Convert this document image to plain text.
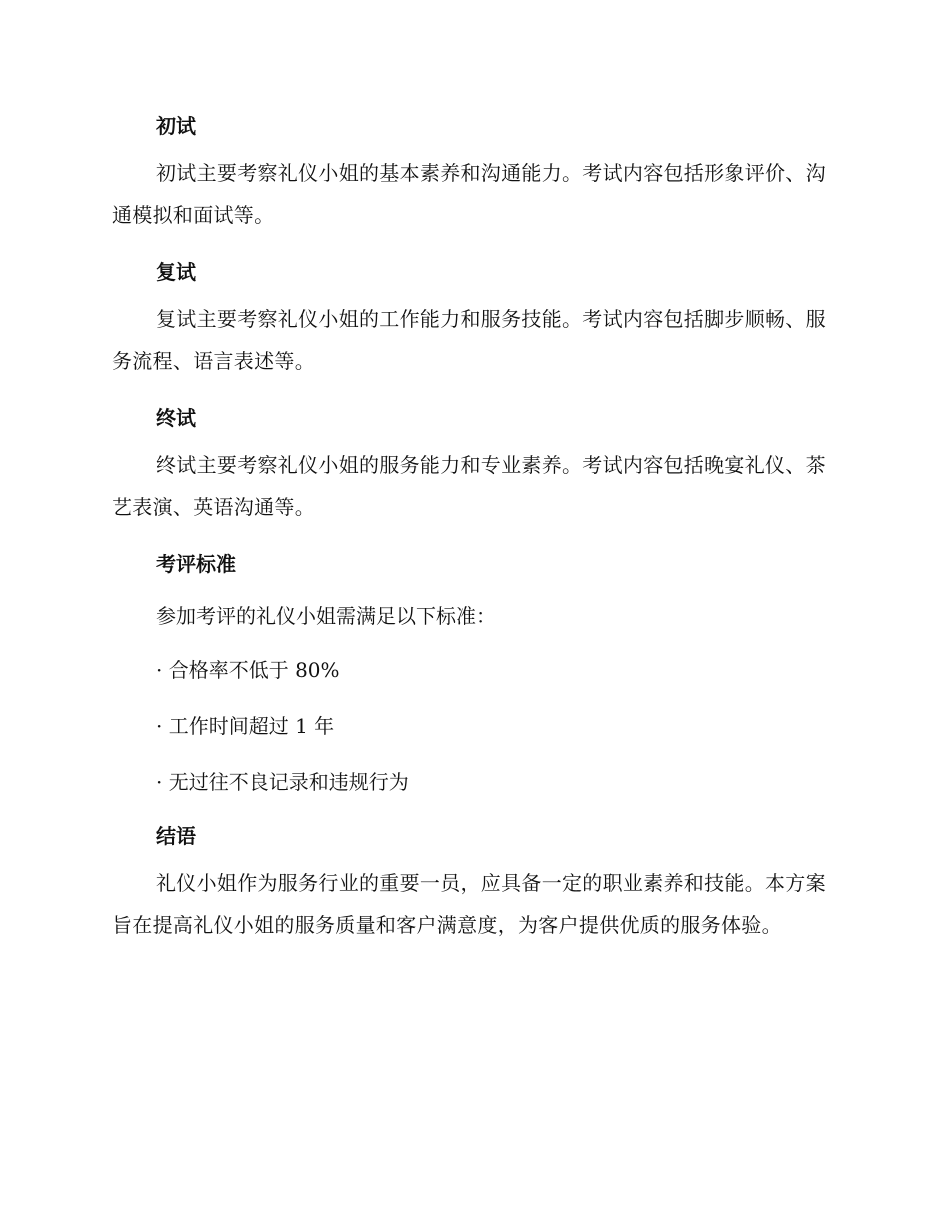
初试

初试主要考察礼仪小姐的基本素养和沟通能力。考试内容包括形象评价、沟通模拟和面试等。

复试

复试主要考察礼仪小姐的工作能力和服务技能。考试内容包括脚步顺畅、服务流程、语言表述等。

终试

终试主要考察礼仪小姐的服务能力和专业素养。考试内容包括晚宴礼仪、茶艺表演、英语沟通等。

考评标准

参加考评的礼仪小姐需满足以下标准：

· 合格率不低于 80%

· 工作时间超过 1 年

· 无过往不良记录和违规行为

结语

礼仪小姐作为服务行业的重要一员，应具备一定的职业素养和技能。本方案旨在提高礼仪小姐的服务质量和客户满意度，为客户提供优质的服务体验。
